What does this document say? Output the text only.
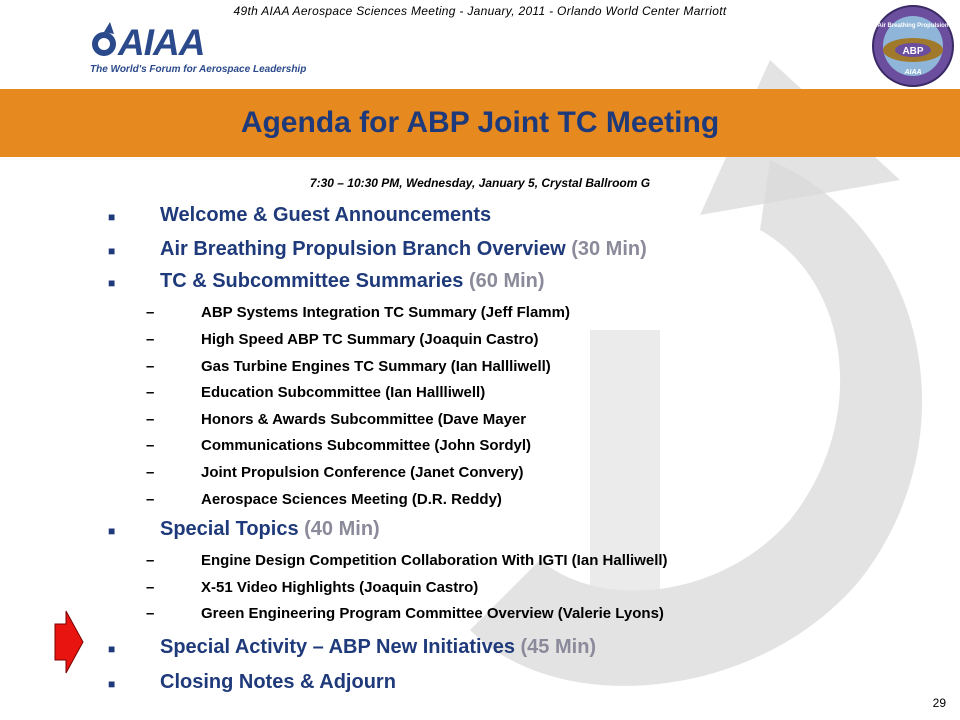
49th AIAA Aerospace Sciences Meeting - January, 2011 - Orlando World Center Marriott
AIAA
The World's Forum for Aerospace Leadership
Air Breathing Propulsion
ABP
AIAA
Agenda for ABP Joint TC Meeting
7:30 – 10:30 PM, Wednesday, January 5, Crystal Ballroom G
■ Welcome & Guest Announcements
■ Air Breathing Propulsion Branch Overview (30 Min)
■ TC & Subcommittee Summaries (60 Min)
–	ABP Systems Integration TC Summary (Jeff Flamm)
–	High Speed ABP TC Summary (Joaquin Castro)
–	Gas Turbine Engines TC Summary (Ian Hallliwell)
–	Education Subcommittee (Ian Hallliwell)
–	Honors & Awards Subcommittee (Dave Mayer
–	Communications Subcommittee (John Sordyl)
–	Joint Propulsion Conference (Janet Convery)
–	Aerospace Sciences Meeting (D.R. Reddy)
■ Special Topics (40 Min)
–	Engine Design Competition Collaboration With IGTI (Ian Halliwell)
–	X-51 Video Highlights (Joaquin Castro)
–	Green Engineering Program Committee Overview (Valerie Lyons)
■ Special Activity – ABP New Initiatives (45 Min)
■ Closing Notes & Adjourn
29
